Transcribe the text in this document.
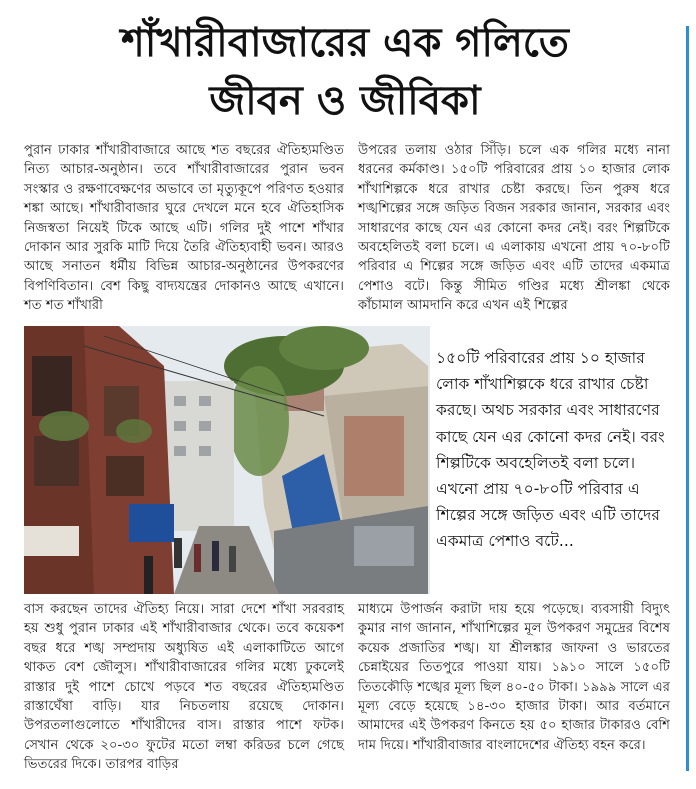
শাঁখারীবাজারের এক গলিতে
জীবন ও জীবিকা

পুরান ঢাকার শাঁখারীবাজারে আছে শত বছরের ঐতিহ্যমণ্ডিত নিত্য আচার-অনুষ্ঠান। তবে শাঁখারীবাজারের পুরান ভবন সংস্কার ও রক্ষণাবেক্ষণের অভাবে তা মৃত্যুকূপে পরিণত হওয়ার শঙ্কা আছে। শাঁখারীবাজার ঘুরে দেখলে মনে হবে ঐতিহাসিক নিজস্বতা নিয়েই টিকে আছে এটি। গলির দুই পাশে শাঁখার দোকান আর সুরকি মাটি দিয়ে তৈরি ঐতিহ্যবাহী ভবন। আরও আছে সনাতন ধর্মীয় বিভিন্ন আচার-অনুষ্ঠানের উপকরণের বিপণিবিতান। বেশ কিছু বাদ্যযন্ত্রের দোকানও আছে এখানে। শত শত শাঁখারী

উপরের তলায় ওঠার সিঁড়ি। চলে এক গলির মধ্যে নানা ধরনের কর্মকাণ্ড। ১৫০টি পরিবারের প্রায় ১০ হাজার লোক শাঁখাশিল্পকে ধরে রাখার চেষ্টা করছে। তিন পুরুষ ধরে শঙ্খশিল্পের সঙ্গে জড়িত বিজন সরকার জানান, সরকার এবং সাধারণের কাছে যেন এর কোনো কদর নেই। বরং শিল্পটিকে অবহেলিতই বলা চলে। এ এলাকায় এখনো প্রায় ৭০-৮০টি পরিবার এ শিল্পের সঙ্গে জড়িত এবং এটি তাদের একমাত্র পেশাও বটে। কিন্তু সীমিত গণ্ডির মধ্যে শ্রীলঙ্কা থেকে কাঁচামাল আমদানি করে এখন এই শিল্পের

১৫০টি পরিবারের প্রায় ১০ হাজার লোক শাঁখাশিল্পকে ধরে রাখার চেষ্টা করছে। অথচ সরকার এবং সাধারণের কাছে যেন এর কোনো কদর নেই। বরং শিল্পটিকে অবহেলিতই বলা চলে। এখনো প্রায় ৭০-৮০টি পরিবার এ শিল্পের সঙ্গে জড়িত এবং এটি তাদের একমাত্র পেশাও বটে...

বাস করছেন তাদের ঐতিহ্য নিয়ে। সারা দেশে শাঁখা সরবরাহ হয় শুধু পুরান ঢাকার এই শাঁখারীবাজার থেকে। তবে কয়েকশ বছর ধরে শঙ্খ সম্প্রদায় অধ্যুষিত এই এলাকাটিতে আগে থাকত বেশ জৌলুস। শাঁখারীবাজারের গলির মধ্যে ঢুকলেই রাস্তার দুই পাশে চোখে পড়বে শত বছরের ঐতিহ্যমণ্ডিত রাস্তাঘেঁষা বাড়ি। যার নিচতলায় রয়েছে দোকান। উপরতলাগুলোতে শাঁখারীদের বাস। রাস্তার পাশে ফটক। সেখান থেকে ২০-৩০ ফুটের মতো লম্বা করিডর চলে গেছে ভিতরের দিকে। তারপর বাড়ির

মাধ্যমে উপার্জন করাটা দায় হয়ে পড়েছে। ব্যবসায়ী বিদ্যুৎ কুমার নাগ জানান, শাঁখাশিল্পের মূল উপকরণ সমুদ্রের বিশেষ কয়েক প্রজাতির শঙ্খ। যা শ্রীলঙ্কার জাফনা ও ভারতের চেন্নাইয়ের তিতপুরে পাওয়া যায়। ১৯১০ সালে ১৫০টি তিতকৌড়ি শঙ্খের মূল্য ছিল ৪০-৫০ টাকা। ১৯৯৯ সালে এর মূল্য বেড়ে হয়েছে ১৪-৩০ হাজার টাকা। আর বর্তমানে আমাদের এই উপকরণ কিনতে হয় ৫০ হাজার টাকারও বেশি দাম দিয়ে। শাঁখারীবাজার বাংলাদেশের ঐতিহ্য বহন করে।
